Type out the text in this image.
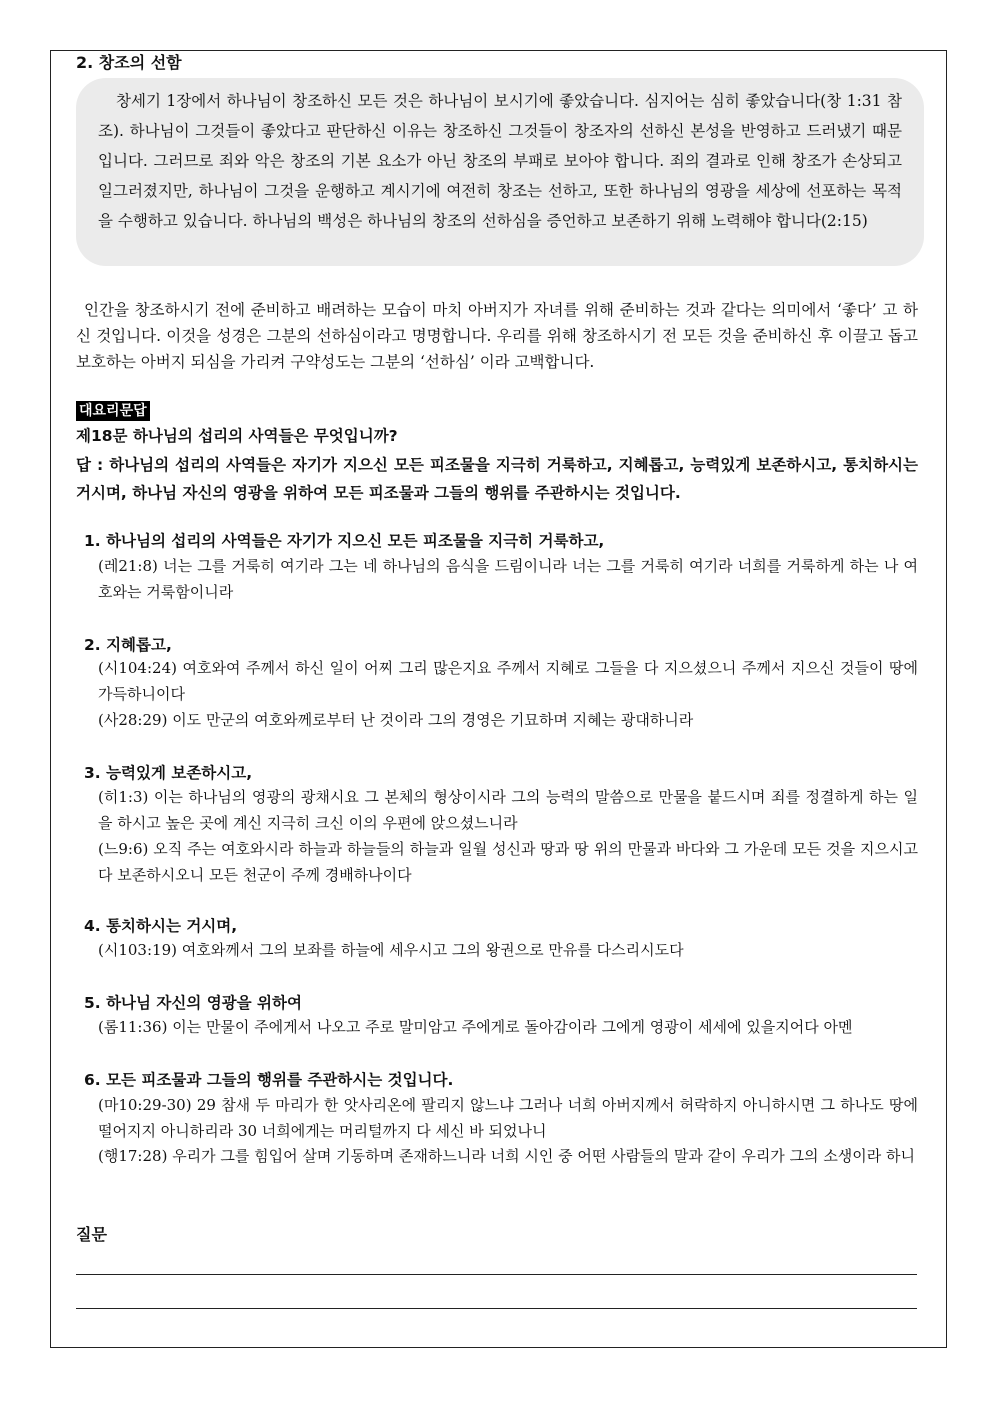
2. 창조의 선함

창세기 1장에서 하나님이 창조하신 모든 것은 하나님이 보시기에 좋았습니다. 심지어는 심히 좋았습니다(창 1:31 참조). 하나님이 그것들이 좋았다고 판단하신 이유는 창조하신 그것들이 창조자의 선하신 본성을 반영하고 드러냈기 때문입니다. 그러므로 죄와 악은 창조의 기본 요소가 아닌 창조의 부패로 보아야 합니다. 죄의 결과로 인해 창조가 손상되고 일그러졌지만, 하나님이 그것을 운행하고 계시기에 여전히 창조는 선하고, 또한 하나님의 영광을 세상에 선포하는 목적을 수행하고 있습니다. 하나님의 백성은 하나님의 창조의 선하심을 증언하고 보존하기 위해 노력해야 합니다(2:15)

인간을 창조하시기 전에 준비하고 배려하는 모습이 마치 아버지가 자녀를 위해 준비하는 것과 같다는 의미에서 ‘좋다’ 고 하신 것입니다. 이것을 성경은 그분의 선하심이라고 명명합니다. 우리를 위해 창조하시기 전 모든 것을 준비하신 후 이끌고 돕고 보호하는 아버지 되심을 가리켜 구약성도는 그분의 ‘선하심’ 이라 고백합니다.

대요리문답
제18문 하나님의 섭리의 사역들은 무엇입니까?

답 : 하나님의 섭리의 사역들은 자기가 지으신 모든 피조물을 지극히 거룩하고, 지혜롭고, 능력있게 보존하시고, 통치하시는 거시며, 하나님 자신의 영광을 위하여 모든 피조물과 그들의 행위를 주관하시는 것입니다.

1. 하나님의 섭리의 사역들은 자기가 지으신 모든 피조물을 지극히 거룩하고,

(레21:8) 너는 그를 거룩히 여기라 그는 네 하나님의 음식을 드림이니라 너는 그를 거룩히 여기라 너희를 거룩하게 하는 나 여호와는 거룩함이니라

2. 지혜롭고,

(시104:24) 여호와여 주께서 하신 일이 어찌 그리 많은지요 주께서 지혜로 그들을 다 지으셨으니 주께서 지으신 것들이 땅에 가득하니이다

(사28:29) 이도 만군의 여호와께로부터 난 것이라 그의 경영은 기묘하며 지혜는 광대하니라

3. 능력있게 보존하시고,

(히1:3) 이는 하나님의 영광의 광채시요 그 본체의 형상이시라 그의 능력의 말씀으로 만물을 붙드시며 죄를 정결하게 하는 일을 하시고 높은 곳에 계신 지극히 크신 이의 우편에 앉으셨느니라

(느9:6) 오직 주는 여호와시라 하늘과 하늘들의 하늘과 일월 성신과 땅과 땅 위의 만물과 바다와 그 가운데 모든 것을 지으시고 다 보존하시오니 모든 천군이 주께 경배하나이다

4. 통치하시는 거시며,

(시103:19) 여호와께서 그의 보좌를 하늘에 세우시고 그의 왕권으로 만유를 다스리시도다

5. 하나님 자신의 영광을 위하여

(롬11:36) 이는 만물이 주에게서 나오고 주로 말미암고 주에게로 돌아감이라 그에게 영광이 세세에 있을지어다 아멘

6. 모든 피조물과 그들의 행위를 주관하시는 것입니다.

(마10:29-30) 29 참새 두 마리가 한 앗사리온에 팔리지 않느냐 그러나 너희 아버지께서 허락하지 아니하시면 그 하나도 땅에 떨어지지 아니하리라 30 너희에게는 머리털까지 다 세신 바 되었나니

(행17:28) 우리가 그를 힘입어 살며 기동하며 존재하느니라 너희 시인 중 어떤 사람들의 말과 같이 우리가 그의 소생이라 하니

질문
